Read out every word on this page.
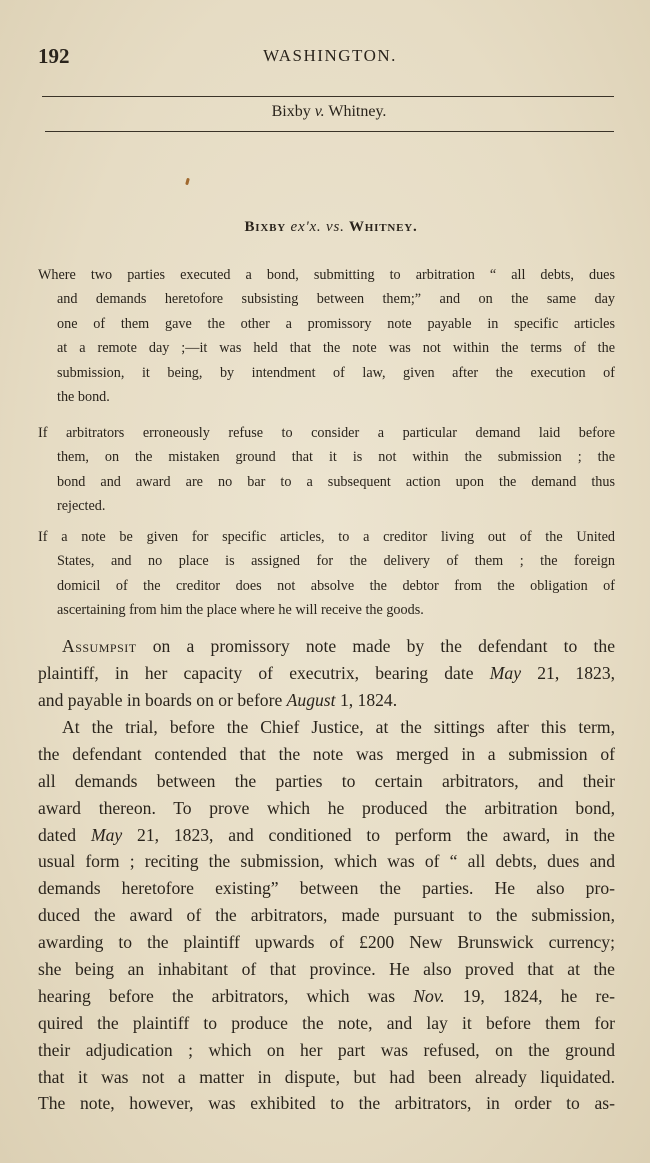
192	WASHINGTON.
Bixby v. Whitney.
Bixby ex'x. vs. Whitney.
Where two parties executed a bond, submitting to arbitration “ all debts, dues
and demands heretofore subsisting between them;” and on the same day
one of them gave the other a promissory note payable in specific articles
at a remote day ;—it was held that the note was not within the terms of the
submission, it being, by intendment of law, given after the execution of
the bond.
If arbitrators erroneously refuse to consider a particular demand laid before
them, on the mistaken ground that it is not within the submission ; the
bond and award are no bar to a subsequent action upon the demand thus
rejected.
If a note be given for specific articles, to a creditor living out of the United
States, and no place is assigned for the delivery of them ; the foreign
domicil of the creditor does not absolve the debtor from the obligation of
ascertaining from him the place where he will receive the goods.
Assumpsit on a promissory note made by the defendant to the
plaintiff, in her capacity of executrix, bearing date May 21, 1823,
and payable in boards on or before August 1, 1824.
At the trial, before the Chief Justice, at the sittings after this term,
the defendant contended that the note was merged in a submission of
all demands between the parties to certain arbitrators, and their
award thereon. To prove which he produced the arbitration bond,
dated May 21, 1823, and conditioned to perform the award, in the
usual form ; reciting the submission, which was of “ all debts, dues and
demands heretofore existing” between the parties. He also pro-
duced the award of the arbitrators, made pursuant to the submission,
awarding to the plaintiff upwards of £200 New Brunswick currency;
she being an inhabitant of that province. He also proved that at the
hearing before the arbitrators, which was Nov. 19, 1824, he re-
quired the plaintiff to produce the note, and lay it before them for
their adjudication ; which on her part was refused, on the ground
that it was not a matter in dispute, but had been already liquidated.
The note, however, was exhibited to the arbitrators, in order to as-
